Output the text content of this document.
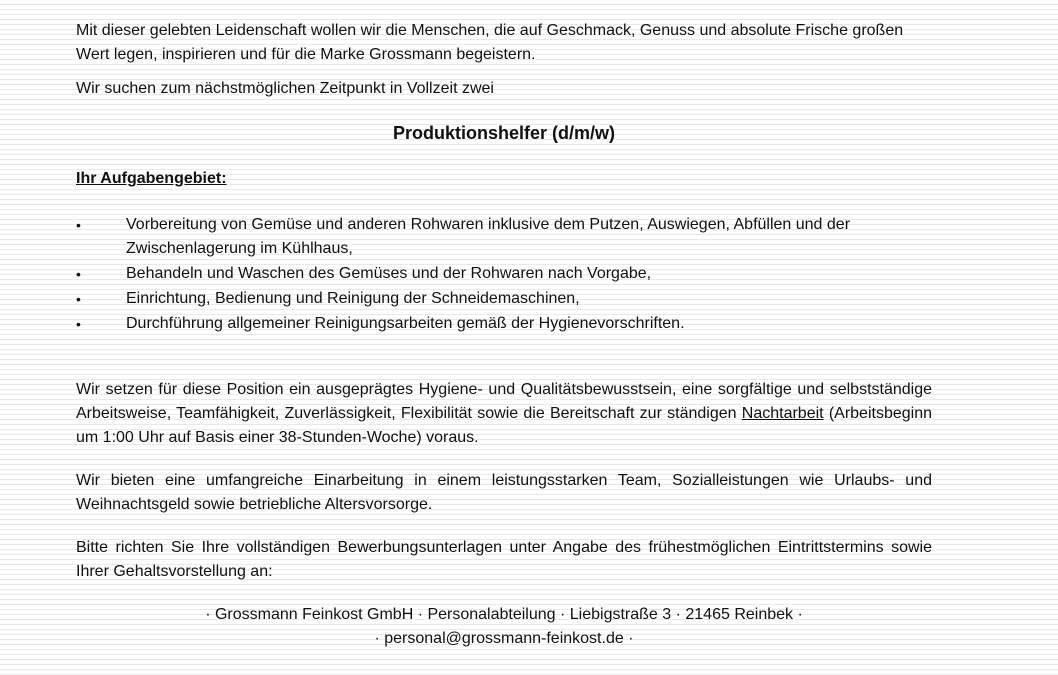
Mit dieser gelebten Leidenschaft wollen wir die Menschen, die auf Geschmack, Genuss und absolute Frische großen Wert legen, inspirieren und für die Marke Grossmann begeistern.

Wir suchen zum nächstmöglichen Zeitpunkt in Vollzeit zwei

Produktionshelfer (d/m/w)

Ihr Aufgabengebiet:

•	Vorbereitung von Gemüse und anderen Rohwaren inklusive dem Putzen, Auswiegen, Abfüllen und der Zwischenlagerung im Kühlhaus,
•	Behandeln und Waschen des Gemüses und der Rohwaren nach Vorgabe,
•	Einrichtung, Bedienung und Reinigung der Schneidemaschinen,
•	Durchführung allgemeiner Reinigungsarbeiten gemäß der Hygienevorschriften.

Wir setzen für diese Position ein ausgeprägtes Hygiene- und Qualitätsbewusstsein, eine sorgfältige und selbstständige Arbeitsweise, Teamfähigkeit, Zuverlässigkeit, Flexibilität sowie die Bereitschaft zur ständigen Nachtarbeit (Arbeitsbeginn um 1:00 Uhr auf Basis einer 38-Stunden-Woche) voraus.

Wir bieten eine umfangreiche Einarbeitung in einem leistungsstarken Team, Sozialleistungen wie Urlaubs- und Weihnachtsgeld sowie betriebliche Altersvorsorge.

Bitte richten Sie Ihre vollständigen Bewerbungsunterlagen unter Angabe des frühestmöglichen Eintrittstermins sowie Ihrer Gehaltsvorstellung an:

· Grossmann Feinkost GmbH · Personalabteilung · Liebigstraße 3 · 21465 Reinbek ·

· personal@grossmann-feinkost.de ·
